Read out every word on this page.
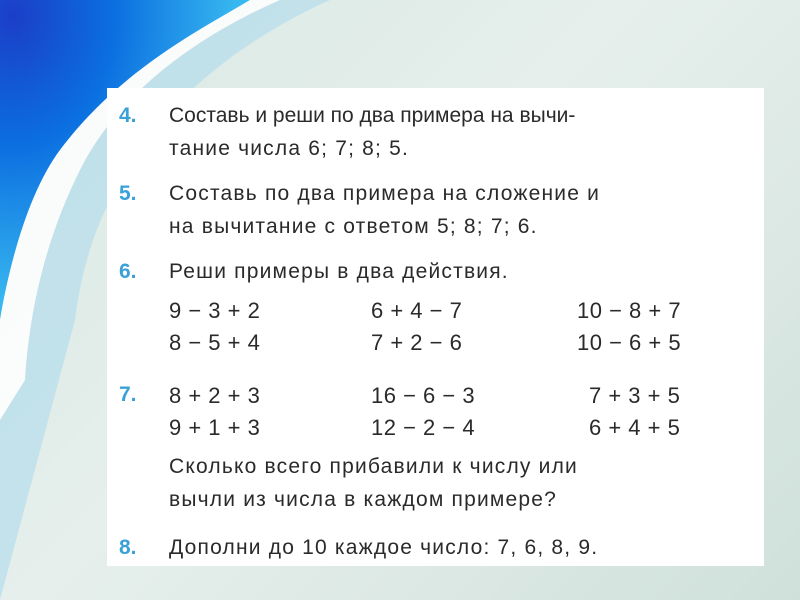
4.	Составь и реши по два примера на вычи-
тание числа 6; 7; 8; 5.
5.	Составь по два примера на сложение и
на вычитание с ответом 5; 8; 7; 6.
6.	Реши примеры в два действия.
9 − 3 + 2	6 + 4 − 7	10 − 8 + 7
8 − 5 + 4	7 + 2 − 6	10 − 6 + 5
7.	8 + 2 + 3	16 − 6 − 3	7 + 3 + 5
9 + 1 + 3	12 − 2 − 4	6 + 4 + 5
Сколько всего прибавили к числу или
вычли из числа в каждом примере?
8.	Дополни до 10 каждое число: 7, 6, 8, 9.
